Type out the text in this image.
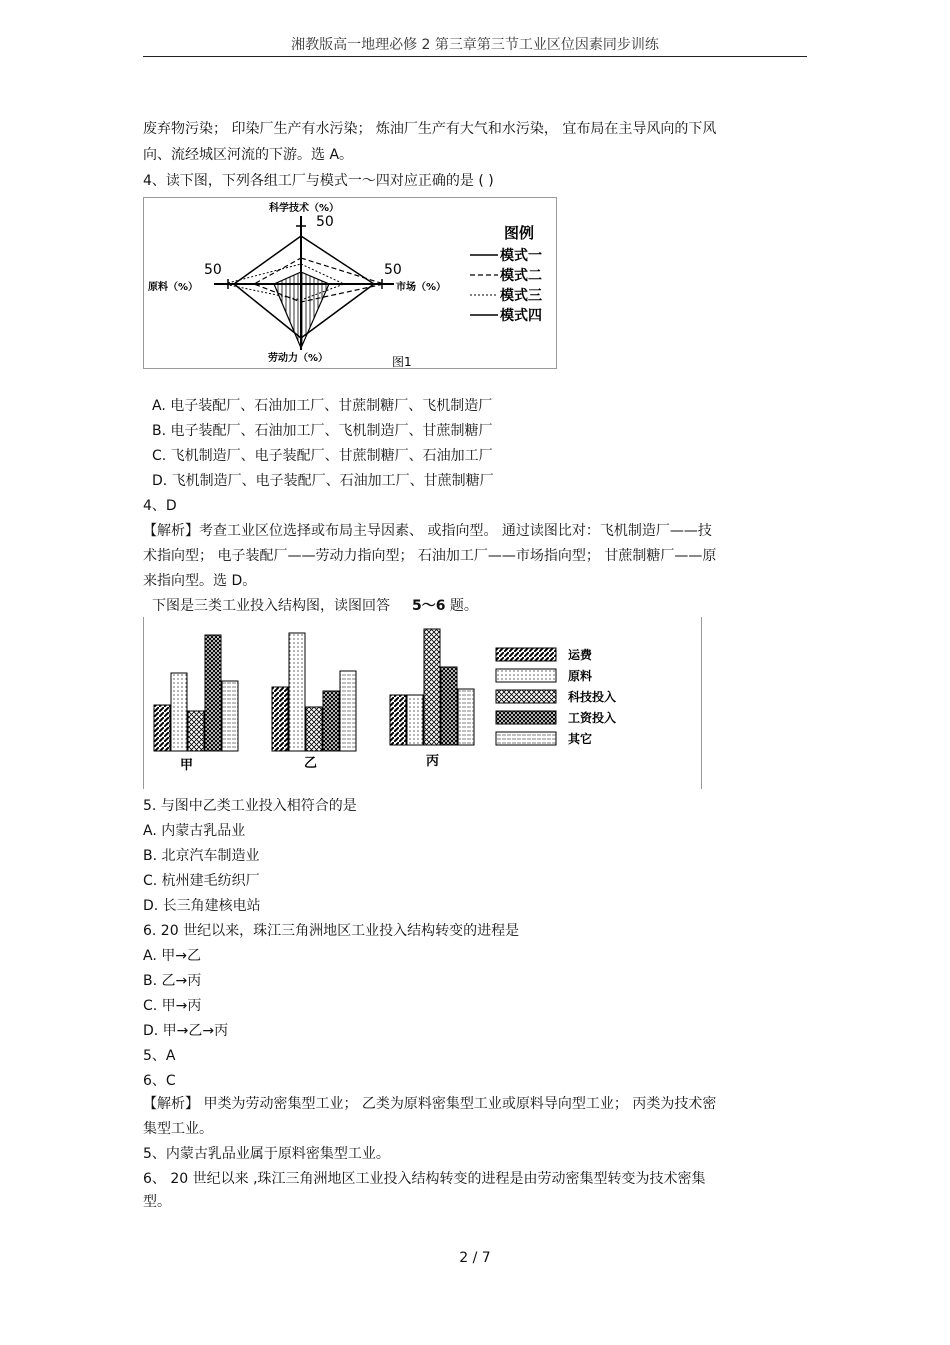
湘教版高一地理必修 2 第三章第三节工业区位因素同步训练
废弃物污染； 印染厂生产有水污染； 炼油厂生产有大气和水污染， 宜布局在主导风向的下风
向、流经城区河流的下游。选 A。
4、读下图，下列各组工厂与模式一～四对应正确的是 ( )
科学技术（%）
50
原料（%）
50
市场（%）
50
劳动力（%）
图例
模式一
模式二
模式三
模式四
图1
A. 电子装配厂、石油加工厂、甘蔗制糖厂、飞机制造厂
B. 电子装配厂、石油加工厂、飞机制造厂、甘蔗制糖厂
C. 飞机制造厂、电子装配厂、甘蔗制糖厂、石油加工厂
D. 飞机制造厂、电子装配厂、石油加工厂、甘蔗制糖厂
4、D
【解析】考查工业区位选择或布局主导因素、 或指向型。 通过读图比对：飞机制造厂——技
术指向型； 电子装配厂——劳动力指向型； 石油加工厂——市场指向型； 甘蔗制糖厂——原
来指向型。选 D。
下图是三类工业投入结构图，读图回答 5～6 题。
甲	乙	丙
运费
原料
科技投入
工资投入
其它
5. 与图中乙类工业投入相符合的是
A. 内蒙古乳品业
B. 北京汽车制造业
C. 杭州建毛纺织厂
D. 长三角建核电站
6. 20 世纪以来，珠江三角洲地区工业投入结构转变的进程是
A. 甲→乙
B. 乙→丙
C. 甲→丙
D. 甲→乙→丙
5、A
6、C
【解析】 甲类为劳动密集型工业； 乙类为原料密集型工业或原料导向型工业； 丙类为技术密
集型工业。
5、内蒙古乳品业属于原料密集型工业。
6、 20 世纪以来 ,珠江三角洲地区工业投入结构转变的进程是由劳动密集型转变为技术密集
型。
2 / 7
